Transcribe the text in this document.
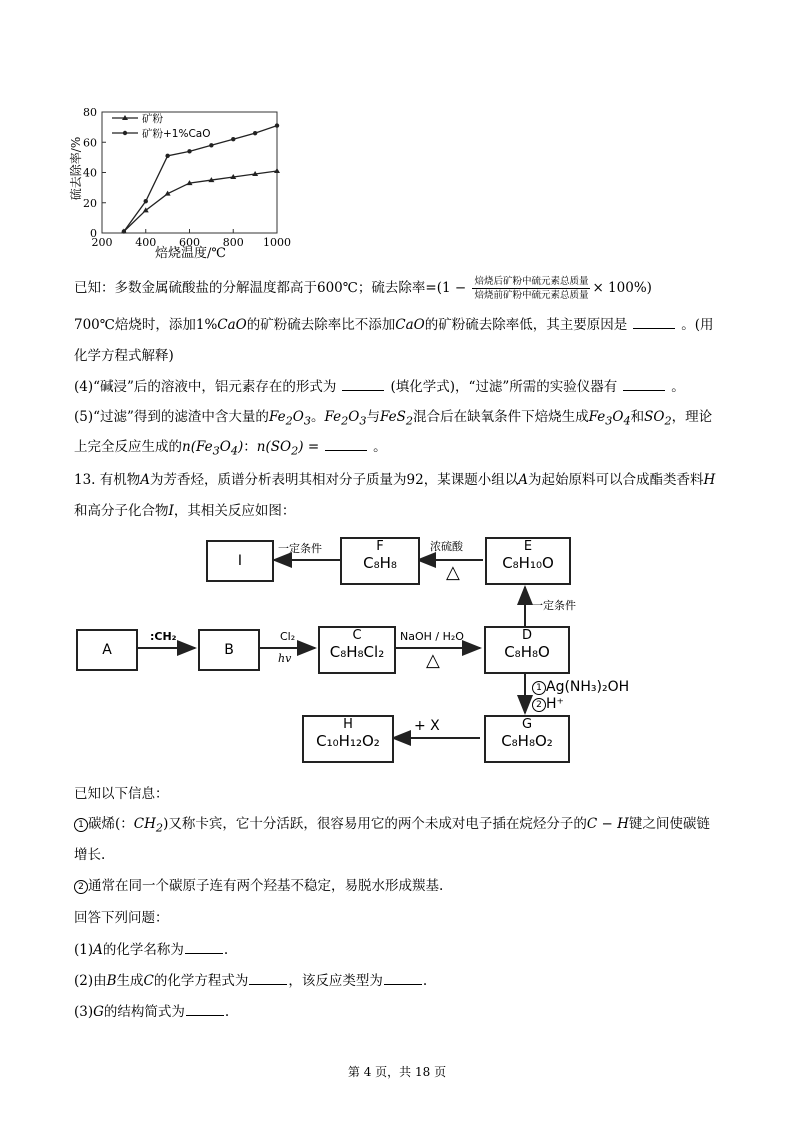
0
20
40
60
80
200 400 600 800 1000
矿粉
矿粉+1%CaO
焙烧温度/℃
硫去除率/%
已知：多数金属硫酸盐的分解温度都高于600℃；硫去除率$=(1 - \frac{\text{焙烧后矿粉中硫元素总质量}}{\text{焙烧前矿粉中硫元素总质量}} \times 100\%)$
700℃焙烧时，添加1%CaO的矿粉硫去除率比不添加CaO的矿粉硫去除率低，其主要原因是	。(用
化学方程式解释)
(4)“碱浸”后的溶液中，铝元素存在的形式为	(填化学式)，“过滤”所需的实验仪器有	。
(5)“过滤”得到的滤渣中含大量的$Fe_2O_3$。$Fe_2O_3$与FeS$_2$混合后在缺氧条件下焙烧生成$Fe_3O_4$和$SO_2$，理论
上完全反应生成的$n(Fe_3O_4)$：$n(SO_2)$ =	。
13. 有机物A为芳香烃，质谱分析表明其相对分子质量为92，某课题小组以A为起始原料可以合成酯类香料H
和高分子化合物I，其相关反应如图：
I
F
C₈H₈
E
C₈H₁₀O
A	B
C
C₈H₈Cl₂
D
C₈H₈O
H
C₁₀H₁₂O₂
G
C₈H₈O₂
:CH₂	Cl₂
hv
NaOH / H₂O
△
一定条件
浓硫酸
△
一定条件
1 Ag(NH₃)₂OH
2 H⁺
+ X
已知以下信息：
1 碳烯(：$CH_2$)又称卡宾，它十分活跃，很容易用它的两个未成对电子插在烷烃分子的C − H键之间使碳链
增长.
2 通常在同一个碳原子连有两个羟基不稳定，易脱水形成羰基.
回答下列问题：
(1)A的化学名称为	.
(2)由B生成C的化学方程式为	，该反应类型为	.
(3)G的结构简式为	.
第 4 页，共 18 页
